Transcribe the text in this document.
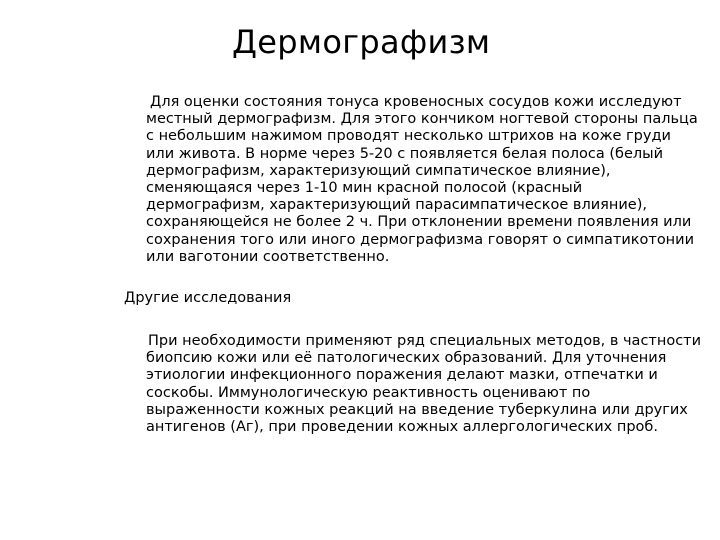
Дермографизм
Для оценки состояния тонуса кровеносных сосудов кожи исследуют
местный дермографизм. Для этого кончиком ногтевой стороны пальца
с небольшим нажимом проводят несколько штрихов на коже груди
или живота. В норме через 5-20 с появляется белая полоса (белый
дермографизм, характеризующий симпатическое влияние),
сменяющаяся через 1-10 мин красной полосой (красный
дермографизм, характеризующий парасимпатическое влияние),
сохраняющейся не более 2 ч. При отклонении времени появления или
сохранения того или иного дермографизма говорят о симпатикотонии
или ваготонии соответственно.
Другие исследования
При необходимости применяют ряд специальных методов, в частности
биопсию кожи или её патологических образований. Для уточнения
этиологии инфекционного поражения делают мазки, отпечатки и
соскобы. Иммунологическую реактивность оценивают по
выраженности кожных реакций на введение туберкулина или других
антигенов (Аг), при проведении кожных аллергологических проб.
